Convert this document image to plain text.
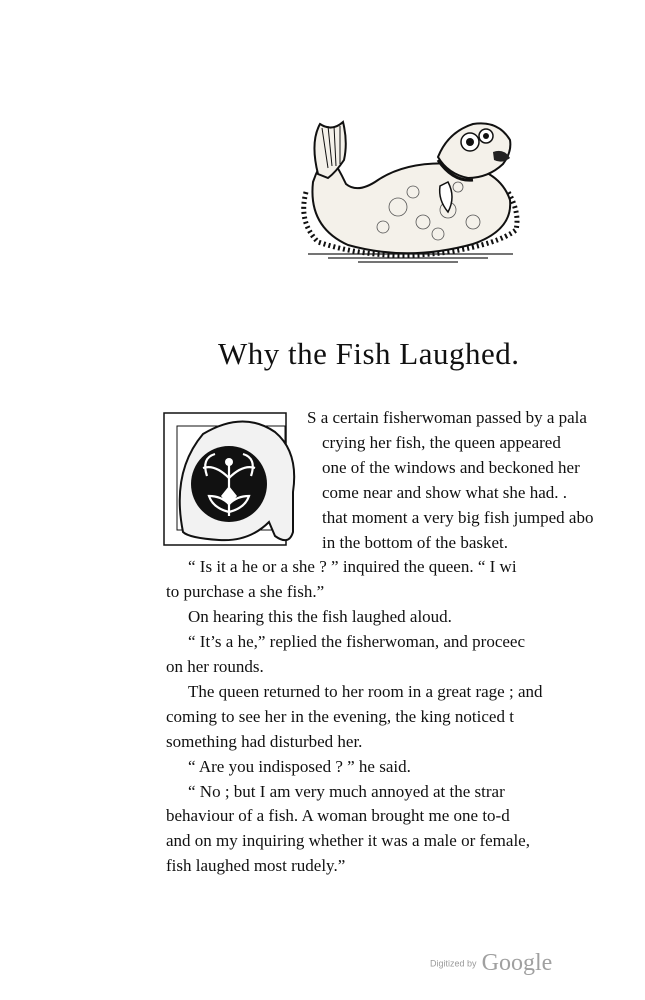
Why the Fish Laughed.
S a certain fisherwoman passed by a pala
crying her fish, the queen appeared
one of the windows and beckoned her
come near and show what she had. .
that moment a very big fish jumped abo
in the bottom of the basket.
“ Is it a he or a she ? ” inquired the queen. “ I wi
to purchase a she fish.”
On hearing this the fish laughed aloud.
“ It’s a he,” replied the fisherwoman, and proceec
on her rounds.
The queen returned to her room in a great rage ; and
coming to see her in the evening, the king noticed t
something had disturbed her.
“ Are you indisposed ? ” he said.
“ No ; but I am very much annoyed at the strar
behaviour of a fish. A woman brought me one to-d
and on my inquiring whether it was a male or female,
fish laughed most rudely.”
Digitized by Google
